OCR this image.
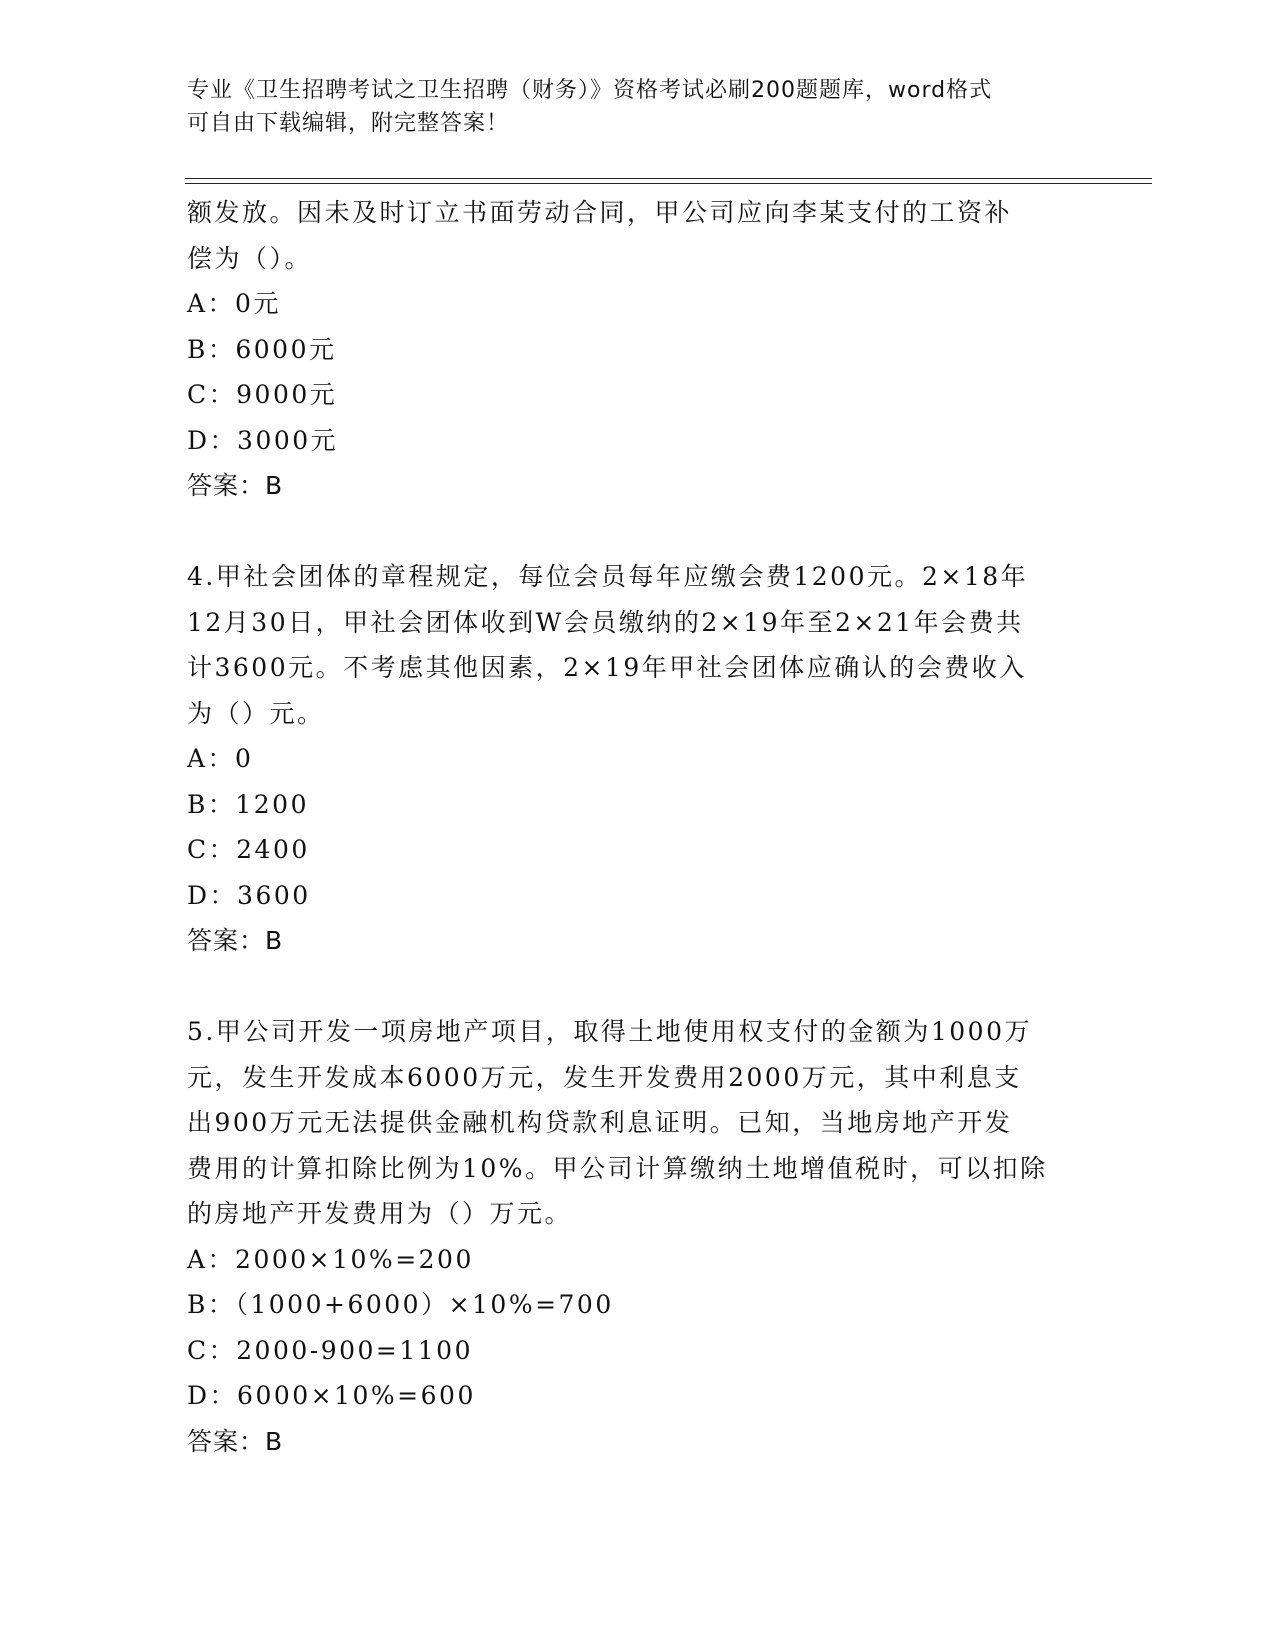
专业《卫生招聘考试之卫生招聘（财务）》资格考试必刷200题题库，word格式
可自由下载编辑，附完整答案！
额发放。因未及时订立书面劳动合同，甲公司应向李某支付的工资补
偿为（）。
A：0元
B：6000元
C：9000元
D：3000元
答案：B
4.甲社会团体的章程规定，每位会员每年应缴会费1200元。2×18年
12月30日，甲社会团体收到W会员缴纳的2×19年至2×21年会费共
计3600元。不考虑其他因素，2×19年甲社会团体应确认的会费收入
为（）元。
A：0
B：1200
C：2400
D：3600
答案：B
5.甲公司开发一项房地产项目，取得土地使用权支付的金额为1000万
元，发生开发成本6000万元，发生开发费用2000万元，其中利息支
出900万元无法提供金融机构贷款利息证明。已知，当地房地产开发
费用的计算扣除比例为10%。甲公司计算缴纳土地增值税时，可以扣除
的房地产开发费用为（）万元。
A：2000×10%=200
B：（1000+6000）×10%=700
C：2000-900=1100
D：6000×10%=600
答案：B
